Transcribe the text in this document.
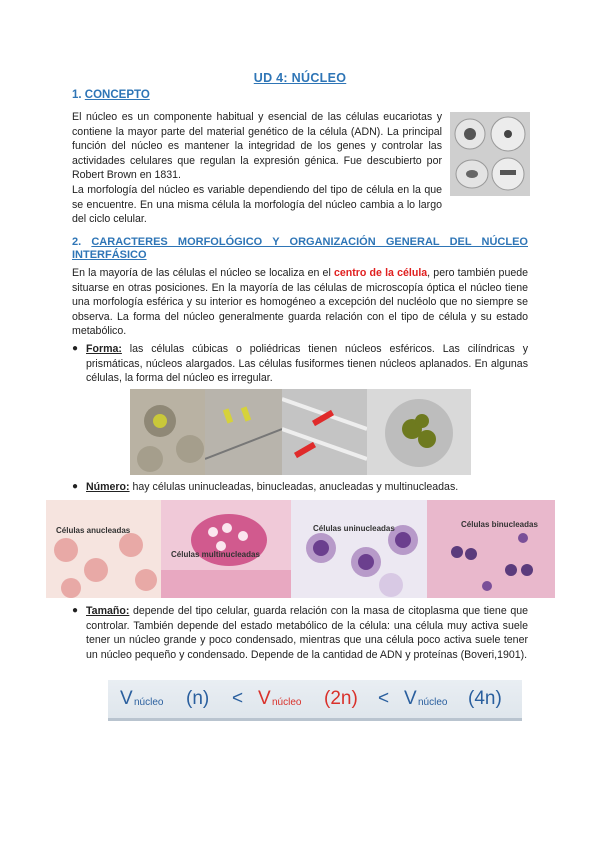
UD 4: NÚCLEO
1. CONCEPTO
El núcleo es un componente habitual y esencial de las células eucariotas y contiene la mayor parte del material genético de la célula (ADN). La principal función del núcleo es mantener la integridad de los genes y controlar las actividades celulares que regulan la expresión génica. Fue descubierto por Robert Brown en 1831.
La morfología del núcleo es variable dependiendo del tipo de célula en la que se encuentre. En una misma célula la morfología del núcleo cambia a lo largo del ciclo celular.
2. CARACTERES MORFOLÓGICO Y ORGANIZACIÓN GENERAL DEL NÚCLEO INTERFÁSICO
En la mayoría de las células el núcleo se localiza en el centro de la célula, pero también puede situarse en otras posiciones. En la mayoría de las células de microscopía óptica el núcleo tiene una morfología esférica y su interior es homogéneo a excepción del nucléolo que no siempre se observa. La forma del núcleo generalmente guarda relación con el tipo de célula y su estado metabólico.
● Forma: las células cúbicas o poliédricas tienen núcleos esféricos. Las cilíndricas y prismáticas, núcleos alargados. Las células fusiformes tienen núcleos aplanados. En algunas células, la forma del núcleo es irregular.
● Número: hay células uninucleadas, binucleadas, anucleadas y multinucleadas.
Células anucleadas
Células multinucleadas
Células uninucleadas	Células binucleadas
● Tamaño: depende del tipo celular, guarda relación con la masa de citoplasma que tiene que controlar. También depende del estado metabólico de la célula: una célula muy activa suele tener un núcleo grande y poco condensado, mientras que una célula poco activa suele tener un núcleo pequeño y condensado. Depende de la cantidad de ADN y proteínas (Boveri,1901).
V núcleo (n) < V núcleo (2n) < V núcleo (4n)
